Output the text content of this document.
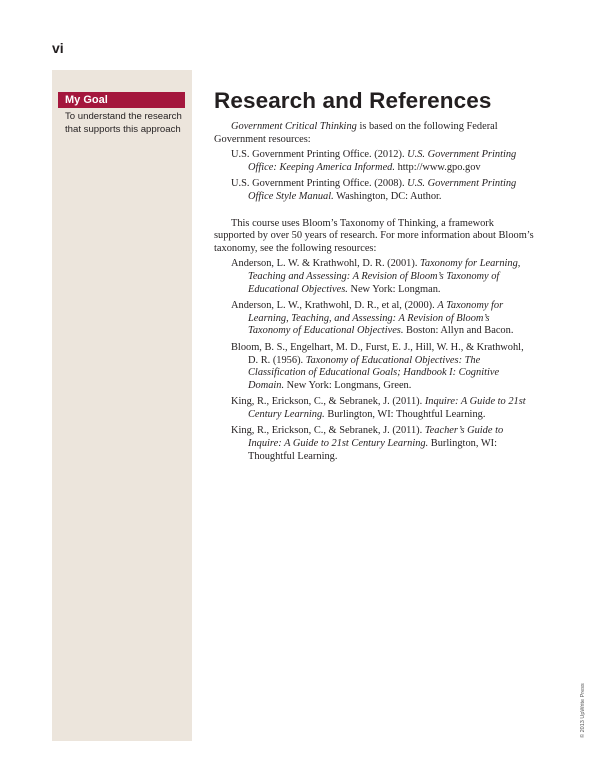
vi
My Goal
To understand the research that supports this approach
Research and References

Government Critical Thinking is based on the following Federal Government resources:

U.S. Government Printing Office. (2012). U.S. Government Printing Office: Keeping America Informed. http://www.gpo.gov

U.S. Government Printing Office. (2008). U.S. Government Printing Office Style Manual. Washington, DC: Author.

This course uses Bloom’s Taxonomy of Thinking, a framework supported by over 50 years of research. For more information about Bloom’s taxonomy, see the following resources:

Anderson, L. W. & Krathwohl, D. R. (2001). Taxonomy for Learning, Teaching and Assessing: A Revision of Bloom’s Taxonomy of Educational Objectives. New York: Longman.

Anderson, L. W., Krathwohl, D. R., et al, (2000). A Taxonomy for Learning, Teaching, and Assessing: A Revision of Bloom’s Taxonomy of Educational Objectives. Boston: Allyn and Bacon.

Bloom, B. S., Engelhart, M. D., Furst, E. J., Hill, W. H., & Krathwohl, D. R. (1956). Taxonomy of Educational Objectives: The Classification of Educational Goals; Handbook I: Cognitive Domain. New York: Longmans, Green.

King, R., Erickson, C., & Sebranek, J. (2011). Inquire: A Guide to 21st Century Learning. Burlington, WI: Thoughtful Learning.

King, R., Erickson, C., & Sebranek, J. (2011). Teacher’s Guide to Inquire: A Guide to 21st Century Learning. Burlington, WI: Thoughtful Learning.

© 2013 UpWrite Press
